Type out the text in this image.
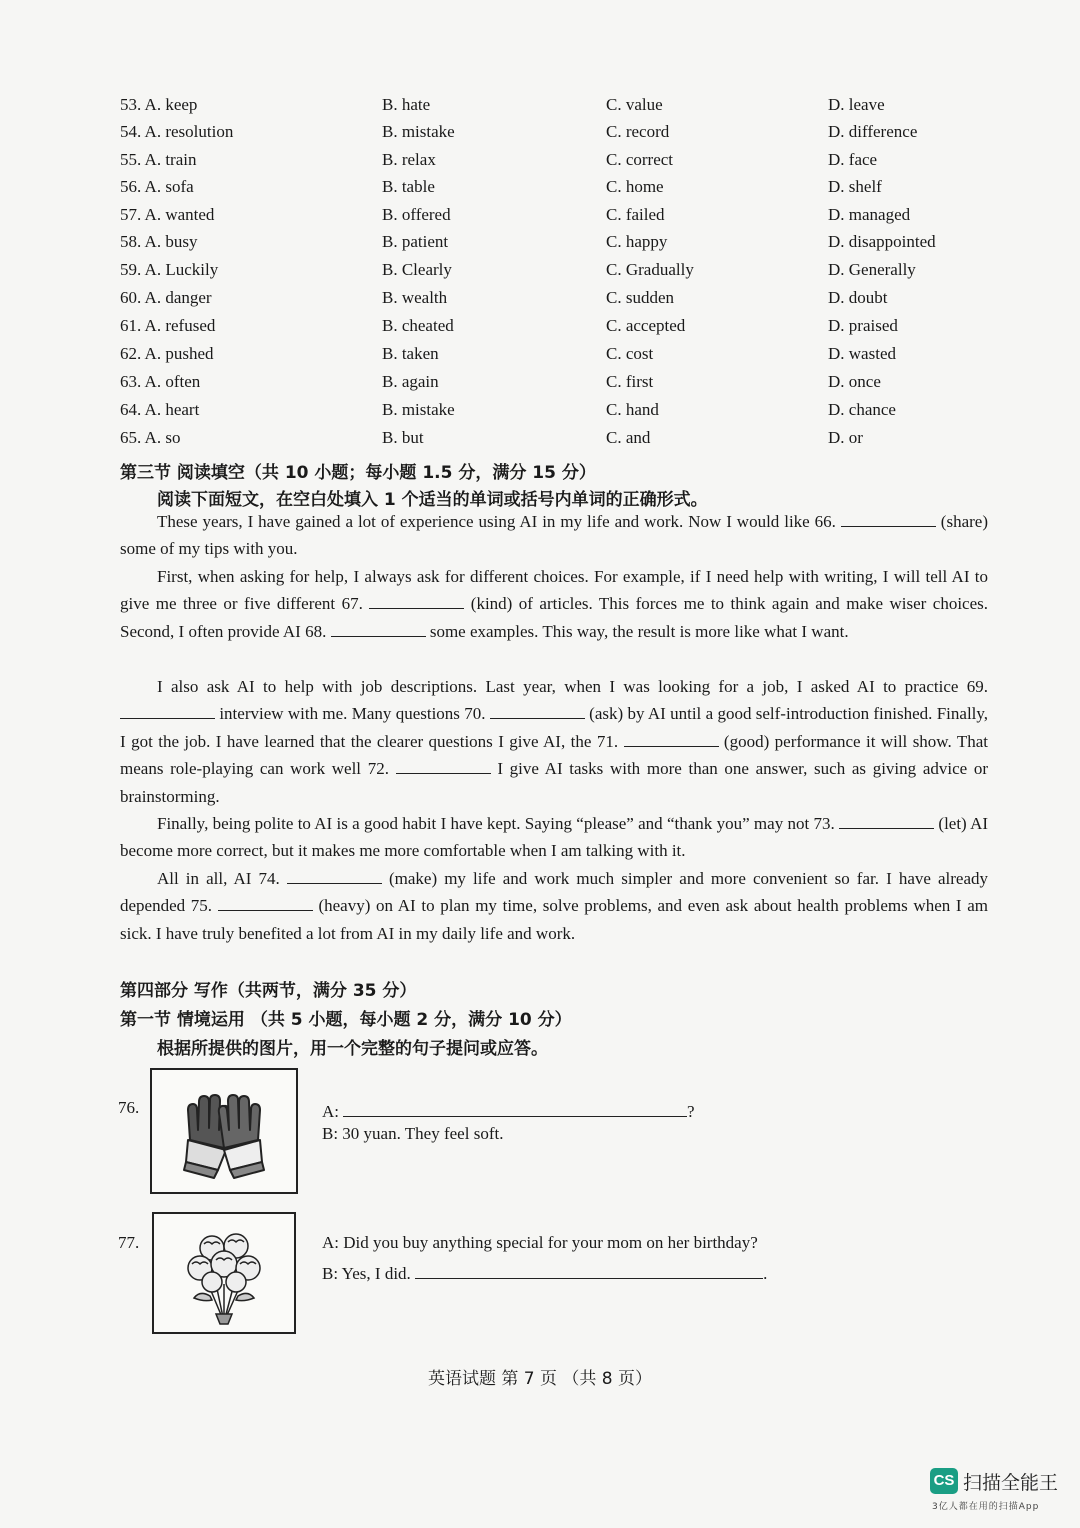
53. A. keep	B. hate	C. value	D. leave
54. A. resolution	B. mistake	C. record	D. difference
55. A. train	B. relax	C. correct	D. face
56. A. sofa	B. table	C. home	D. shelf
57. A. wanted	B. offered	C. failed	D. managed
58. A. busy	B. patient	C. happy	D. disappointed
59. A. Luckily	B. Clearly	C. Gradually	D. Generally
60. A. danger	B. wealth	C. sudden	D. doubt
61. A. refused	B. cheated	C. accepted	D. praised
62. A. pushed	B. taken	C. cost	D. wasted
63. A. often	B. again	C. first	D. once
64. A. heart	B. mistake	C. hand	D. chance
65. A. so	B. but	C. and	D. or
第三节 阅读填空（共 10 小题；每小题 1.5 分，满分 15 分）
阅读下面短文，在空白处填入 1 个适当的单词或括号内单词的正确形式。

These years, I have gained a lot of experience using AI in my life and work. Now I would like 66.	(share) some of my tips with you.

First, when asking for help, I always ask for different choices. For example, if I need help with writing, I will tell AI to give me three or five different 67.	(kind) of articles. This forces me to think again and make wiser choices. Second, I often provide AI 68.	some examples. This way, the result is more like what I want.

I also ask AI to help with job descriptions. Last year, when I was looking for a job, I asked AI to practice 69.  interview with me. Many questions 70.	(ask) by AI until a good self-introduction finished. Finally, I got the job. I have learned that the clearer questions I give AI, the 71.	(good) performance it will show. That means role-playing can work well 72.	I give AI tasks with more than one answer, such as giving advice or brainstorming.

Finally, being polite to AI is a good habit I have kept. Saying “please” and “thank you” may not 73.	(let) AI become more correct, but it makes me more comfortable when I am talking with it.

All in all, AI 74.	(make) my life and work much simpler and more convenient so far. I have already depended 75.	(heavy) on AI to plan my time, solve problems, and even ask about health problems when I am sick. I have truly benefited a lot from AI in my daily life and work.

第四部分 写作（共两节，满分 35 分）
第一节 情境运用 （共 5 小题，每小题 2 分，满分 10 分）
根据所提供的图片，用一个完整的句子提问或应答。
76.	A:	?
B: 30 yuan. They feel soft.
77.	A: Did you buy anything special for your mom on her birthday?
B: Yes, I did.	.
英语试题 第 7 页 （共 8 页）
CS 扫描全能王
3亿人都在用的扫描App
